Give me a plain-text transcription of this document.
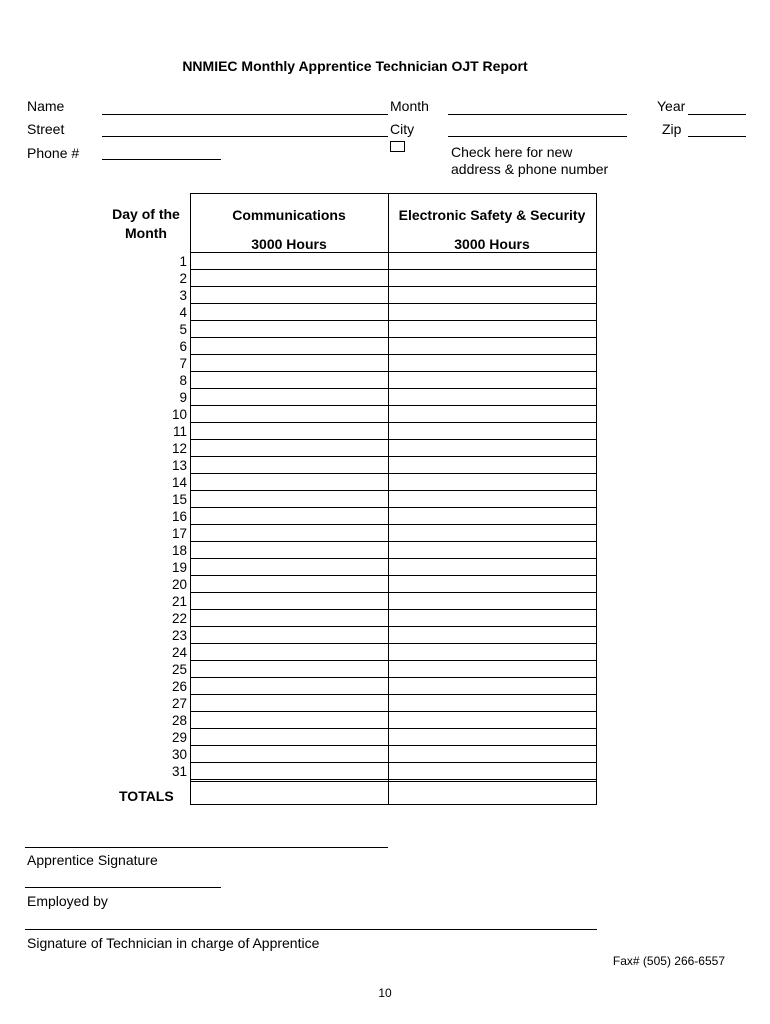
NNMIEC Monthly Apprentice Technician OJT Report
Name
Street
Phone #
Month
City
Year
Zip
Check here for new
address & phone number
Day of the
Month
Communications
3000 Hours
Electronic Safety & Security
3000 Hours
1
2
3
4
5
6
7
8
9
10
11
12
13
14
15
16
17
18
19
20
21
22
23
24
25
26
27
28
29
30
31
TOTALS
Apprentice Signature
Employed by
Signature of Technician in charge of Apprentice
Fax# (505) 266-6557
10
